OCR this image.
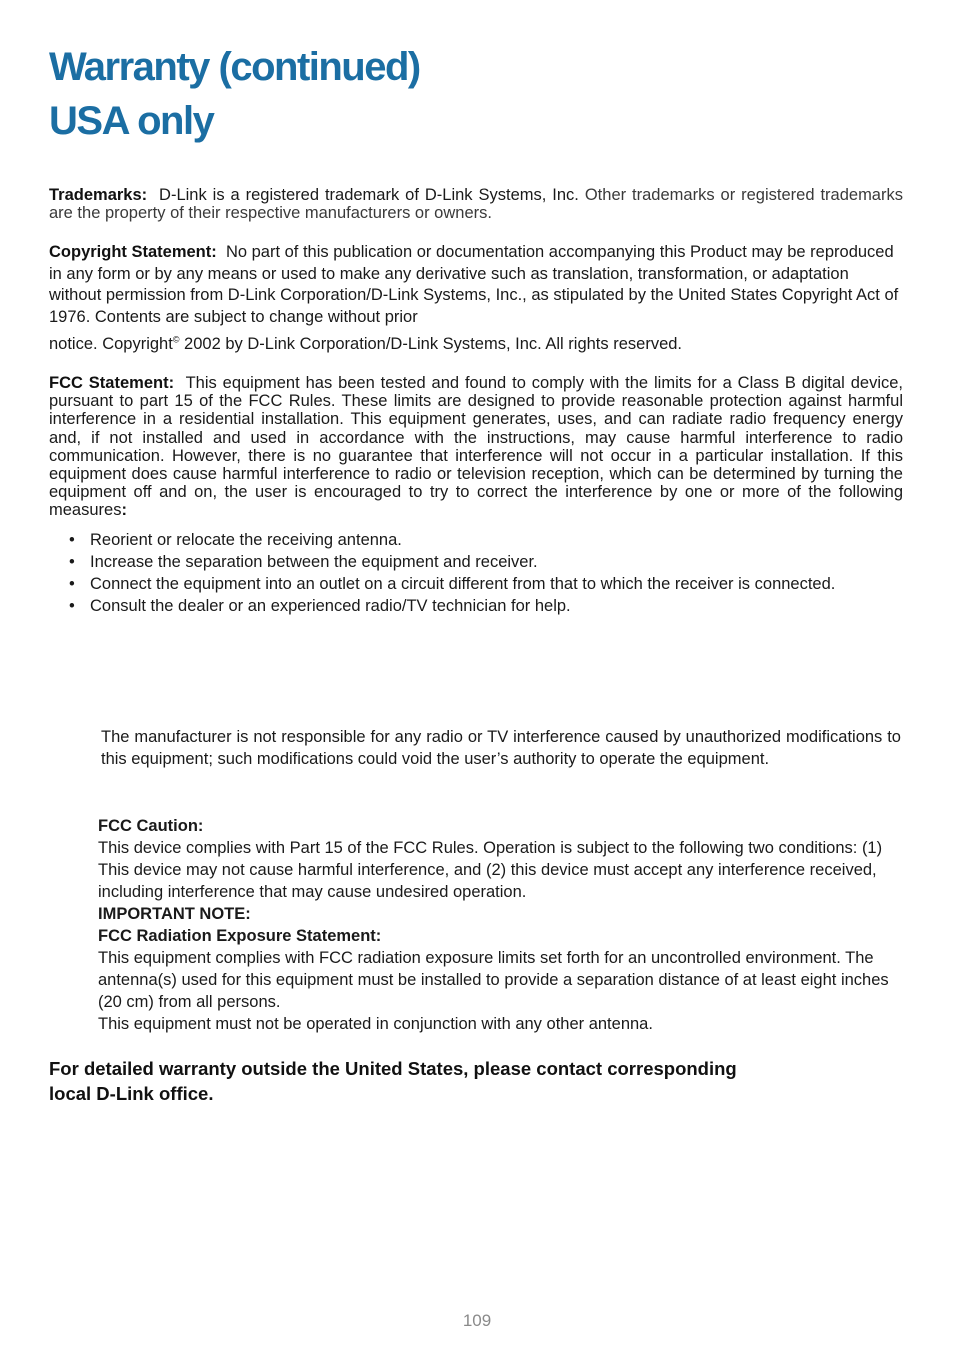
Warranty (continued)
USA only

Trademarks: D-Link is a registered trademark of D-Link Systems, Inc. Other trademarks or registered trademarks are the property of their respective manufacturers or owners.

Copyright Statement: No part of this publication or documentation accompanying this Product may be reproduced in any form or by any means or used to make any derivative such as translation, transformation, or adaptation without permission from D-Link Corporation/D-Link Systems, Inc., as stipulated by the United States Copyright Act of 1976. Contents are subject to change without prior
notice. Copyright© 2002 by D-Link Corporation/D-Link Systems, Inc. All rights reserved.

FCC Statement: This equipment has been tested and found to comply with the limits for a Class B digital device, pursuant to part 15 of the FCC Rules. These limits are designed to provide reasonable protection against harmful interference in a residential installation. This equipment generates, uses, and can radiate radio frequency energy and, if not installed and used in accordance with the instructions, may cause harmful interference to radio communication. However, there is no guarantee that interference will not occur in a particular installation. If this equipment does cause harmful interference to radio or television reception, which can be determined by turning the equipment off and on, the user is encouraged to try to correct the interference by one or more of the following measures:

• Reorient or relocate the receiving antenna.
• Increase the separation between the equipment and receiver.
• Connect the equipment into an outlet on a circuit different from that to which the receiver is connected.
• Consult the dealer or an experienced radio/TV technician for help.

The manufacturer is not responsible for any radio or TV interference caused by unauthorized modifications to this equipment; such modifications could void the user’s authority to operate the equipment.

FCC Caution:
This device complies with Part 15 of the FCC Rules. Operation is subject to the following two conditions: (1) This device may not cause harmful interference, and (2) this device must accept any interference received, including interference that may cause undesired operation.
IMPORTANT NOTE:
FCC Radiation Exposure Statement:
This equipment complies with FCC radiation exposure limits set forth for an uncontrolled environment. The antenna(s) used for this equipment must be installed to provide a separation distance of at least eight inches (20 cm) from all persons.
This equipment must not be operated in conjunction with any other antenna.

For detailed warranty outside the United States, please contact corresponding
local D-Link office.

109
